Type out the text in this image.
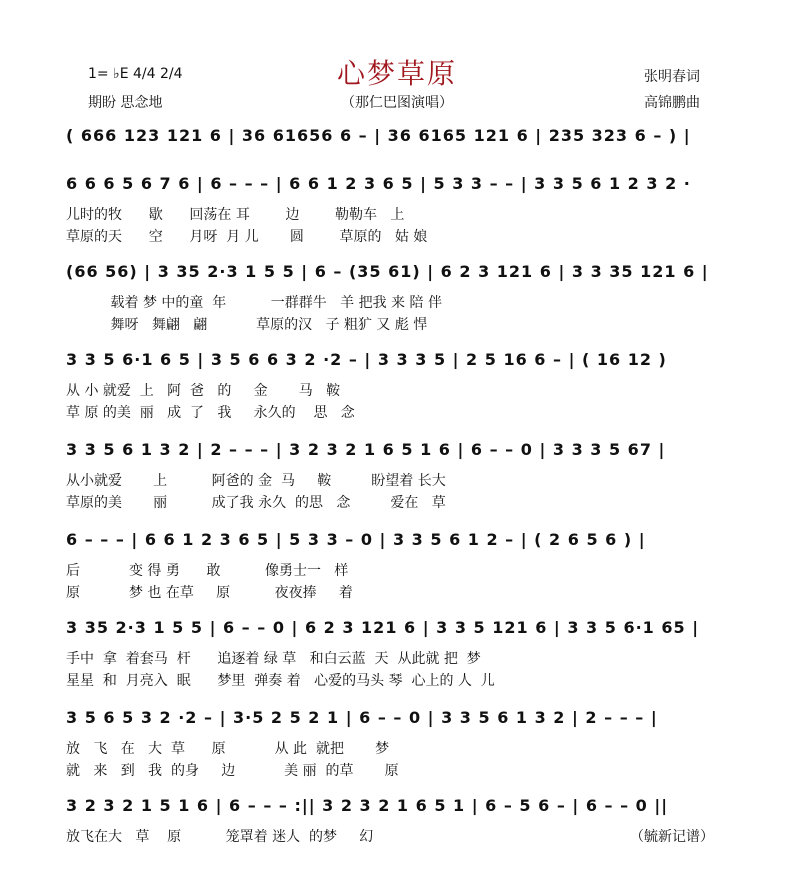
1= ♭E 4/4 2/4
期盼 思念地
心梦草原
（那仁巴图演唱）
张明春词
高锦鹏曲
( 666 123 121 6 | 36 61656 6 – | 36 6165 121 6 | 235 323 6 – ) |
6 6 6 5 6 7 6 | 6 – – – | 6 6 1 2 3 6 5 | 5 3 3 – – | 3 3 5 6 1 2 3 2 ·
儿时的牧      歇      回荡在 耳        边        勒勒车   上
草原的天      空      月呀  月 儿       圆        草原的   姑 娘
(66 56) | 3 35 2·3 1 5 5 | 6 – (35 61) | 6 2 3 121 6 | 3 3 35 121 6 |
载着 梦 中的童  年          一群群牛   羊 把我 来 陪 伴
舞呀   舞翩   翩           草原的汉   子 粗犷 又 彪 悍
3 3 5 6·1 6 5 | 3 5 6 6 3 2 ·2 – | 3 3 3 5 | 2 5 16 6 – | ( 16 12 )
从 小 就爱  上   阿  爸   的     金       马   鞍
草 原 的美  丽   成  了   我     永久的    思   念
3 3 5 6 1 3 2 | 2 – – – | 3 2 3 2 1 6 5 1 6 | 6 – – 0 | 3 3 3 5 67 |
从小就爱       上          阿爸的 金  马     鞍         盼望着 长大
草原的美       丽          成了我 永久  的思   念         爱在   草
6 – – – | 6 6 1 2 3 6 5 | 5 3 3 – 0 | 3 3 5 6 1 2 – | ( 2 6 5 6 ) |
后           变 得 勇      敢          像勇士一   样
原           梦 也 在草     原          夜夜捧     着
3 35 2·3 1 5 5 | 6 – – 0 | 6 2 3 121 6 | 3 3 5 121 6 | 3 3 5 6·1 65 |
手中  拿  着套马  杆      追逐着 绿 草   和白云蓝  天  从此就 把  梦
星星  和  月亮入  眠      梦里  弹奏 着   心爱的马头 琴  心上的 人  儿
3 5 6 5 3 2 ·2 – | 3·5 2 5 2 1 | 6 – – 0 | 3 3 5 6 1 3 2 | 2 – – – |
放   飞   在   大  草      原           从 此  就把       梦
就   来   到   我  的身     边           美 丽  的草       原
3 2 3 2 1 5 1 6 | 6 – – – :|| 3 2 3 2 1 6 5 1 | 6 – 5 6 – | 6 – – 0 ||
放飞在大   草    原          笼罩着 迷人  的梦     幻	（毓新记谱）
